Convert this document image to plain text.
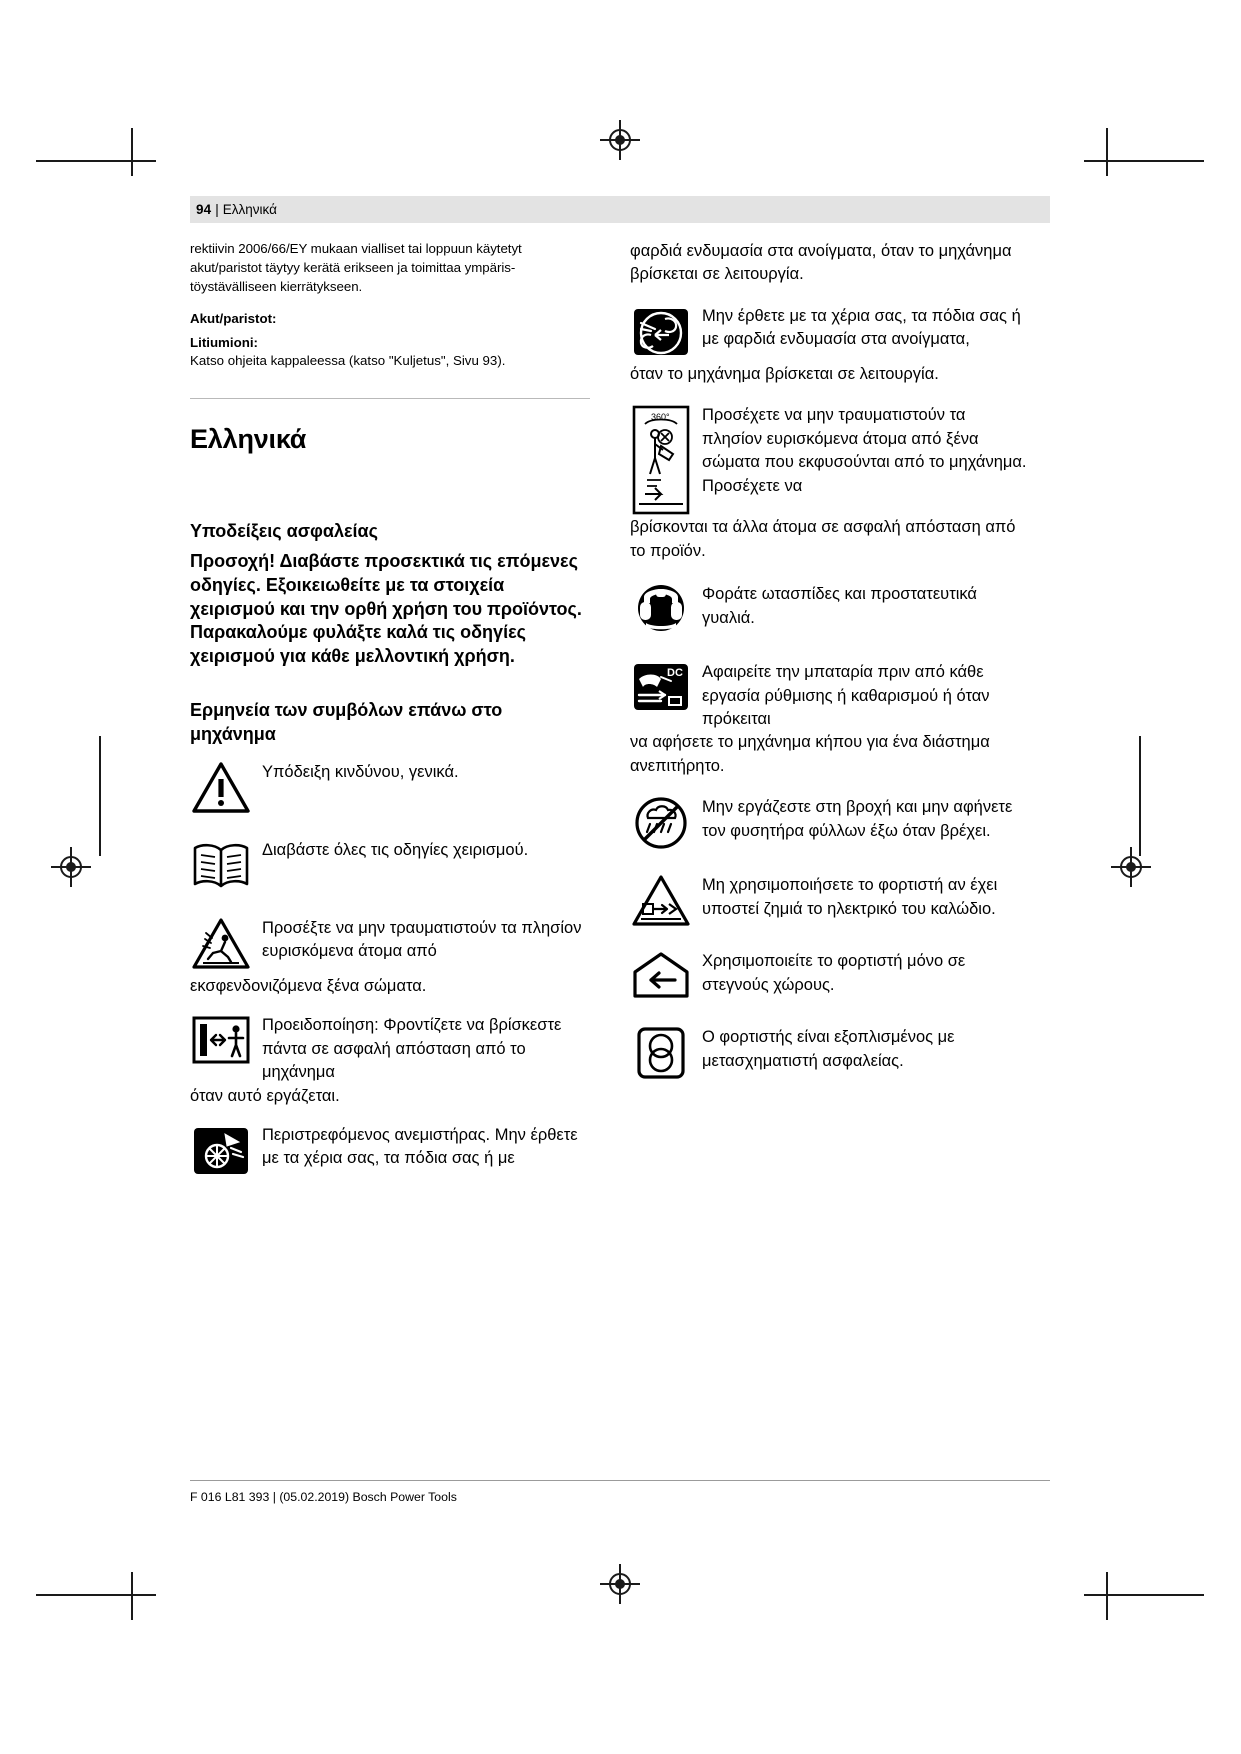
94 | Ελληνικά

rektiivin 2006/66/EY mukaan vialliset tai loppuun käytetyt akut/paristot täytyy kerätä erikseen ja toimittaa ympäris-töystävälliseen kierrätykseen.

Akut/paristot:

Litiumioni:

Katso ohjeita kappaleessa (katso "Kuljetus", Sivu 93).

Ελληνικά
Υποδείξεις ασφαλείας

Προσοχή! Διαβάστε προσεκτικά τις επόμενες οδηγίες. Εξοικειωθείτε με τα στοιχεία χειρισμού και την ορθή χρήση του προϊόντος. Παρακαλούμε φυλάξτε καλά τις οδηγίες χειρισμού για κάθε μελλοντική χρήση.

Ερμηνεία των συμβόλων επάνω στο μηχάνημα
Υπόδειξη κινδύνου, γενικά.
Διαβάστε όλες τις οδηγίες χειρισμού.
Προσέξτε να μην τραυματιστούν τα πλησίον ευρισκόμενα άτομα από
εκσφενδονιζόμενα ξένα σώματα.
Προειδοποίηση: Φροντίζετε να βρίσκεστε πάντα σε ασφαλή απόσταση από το μηχάνημα
όταν αυτό εργάζεται.
Περιστρεφόμενος ανεμιστήρας. Μην έρθετε με τα χέρια σας, τα πόδια σας ή με

φαρδιά ενδυμασία στα ανοίγματα, όταν το μηχάνημα βρίσκεται σε λειτουργία.

Μην έρθετε με τα χέρια σας, τα πόδια σας ή με φαρδιά ενδυμασία στα ανοίγματα,
όταν το μηχάνημα βρίσκεται σε λειτουργία.
360° Προσέχετε να μην τραυματιστούν τα πλησίον ευρισκόμενα άτομα από ξένα σώματα που εκφυσούνται από το μηχάνημα. Προσέχετε να
βρίσκονται τα άλλα άτομα σε ασφαλή απόσταση από το προϊόν.
Φοράτε ωτασπίδες και προστατευτικά γυαλιά.
DC Αφαιρείτε την μπαταρία πριν από κάθε εργασία ρύθμισης ή καθαρισμού ή όταν πρόκειται
να αφήσετε το μηχάνημα κήπου για ένα διάστημα ανεπιτήρητο.
Μην εργάζεστε στη βροχή και μην αφήνετε τον φυσητήρα φύλλων έξω όταν βρέχει.
Μη χρησιμοποιήσετε το φορτιστή αν έχει υποστεί ζημιά το ηλεκτρικό του καλώδιο.
Χρησιμοποιείτε το φορτιστή μόνο σε στεγνούς χώρους.
Ο φορτιστής είναι εξοπλισμένος με μετασχηματιστή ασφαλείας.
F 016 L81 393 | (05.02.2019) Bosch Power Tools
